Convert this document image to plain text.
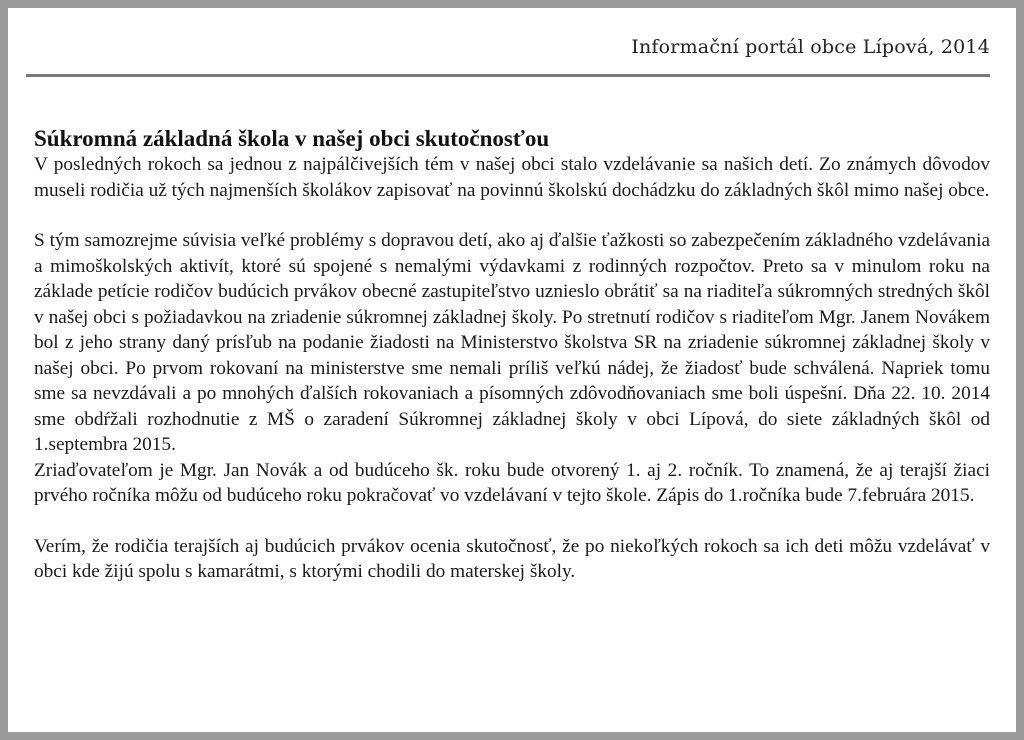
Informační portál obce Lípová, 2014
Súkromná základná škola v našej obci skutočnosťou

V posledných rokoch sa jednou z najpálčivejších tém v našej obci stalo vzdelávanie sa našich detí. Zo známych dôvodov museli rodičia už tých najmenších školákov zapisovať na povinnú školskú dochádzku do základných škôl mimo našej obce.

S tým samozrejme súvisia veľké problémy s dopravou detí, ako aj ďalšie ťažkosti so zabezpečením základného vzdelávania a mimoškolských aktivít, ktoré sú spojené s nemalými výdavkami z rodinných rozpočtov. Preto sa v minulom roku na základe petície rodičov budúcich prvákov obecné zastupiteľstvo uznieslo obrátiť sa na riaditeľa súkromných stredných škôl v našej obci s požiadavkou na zriadenie súkromnej základnej školy. Po stretnutí rodičov s riaditeľom Mgr. Janem Novákem bol z jeho strany daný prísľub na podanie žiadosti na Ministerstvo školstva SR na zriadenie súkromnej základnej školy v našej obci. Po prvom rokovaní na ministerstve sme nemali príliš veľkú nádej, že žiadosť bude schválená. Napriek tomu sme sa nevzdávali a po mnohých ďalších rokovaniach a písomných zdôvodňovaniach sme boli úspešní. Dňa 22. 10. 2014 sme obdŕžali rozhodnutie z MŠ o zaradení Súkromnej základnej školy v obci Lípová, do siete základných škôl od 1.septembra 2015.

Zriaďovateľom je Mgr. Jan Novák a od budúceho šk. roku bude otvorený 1. aj 2. ročník. To znamená, že aj terajší žiaci prvého ročníka môžu od budúceho roku pokračovať vo vzdelávaní v tejto škole. Zápis do 1.ročníka bude 7.februára 2015.

Verím, že rodičia terajších aj budúcich prvákov ocenia skutočnosť, že po niekoľkých rokoch sa ich deti môžu vzdelávať v obci kde žijú spolu s kamarátmi, s ktorými chodili do materskej školy.
